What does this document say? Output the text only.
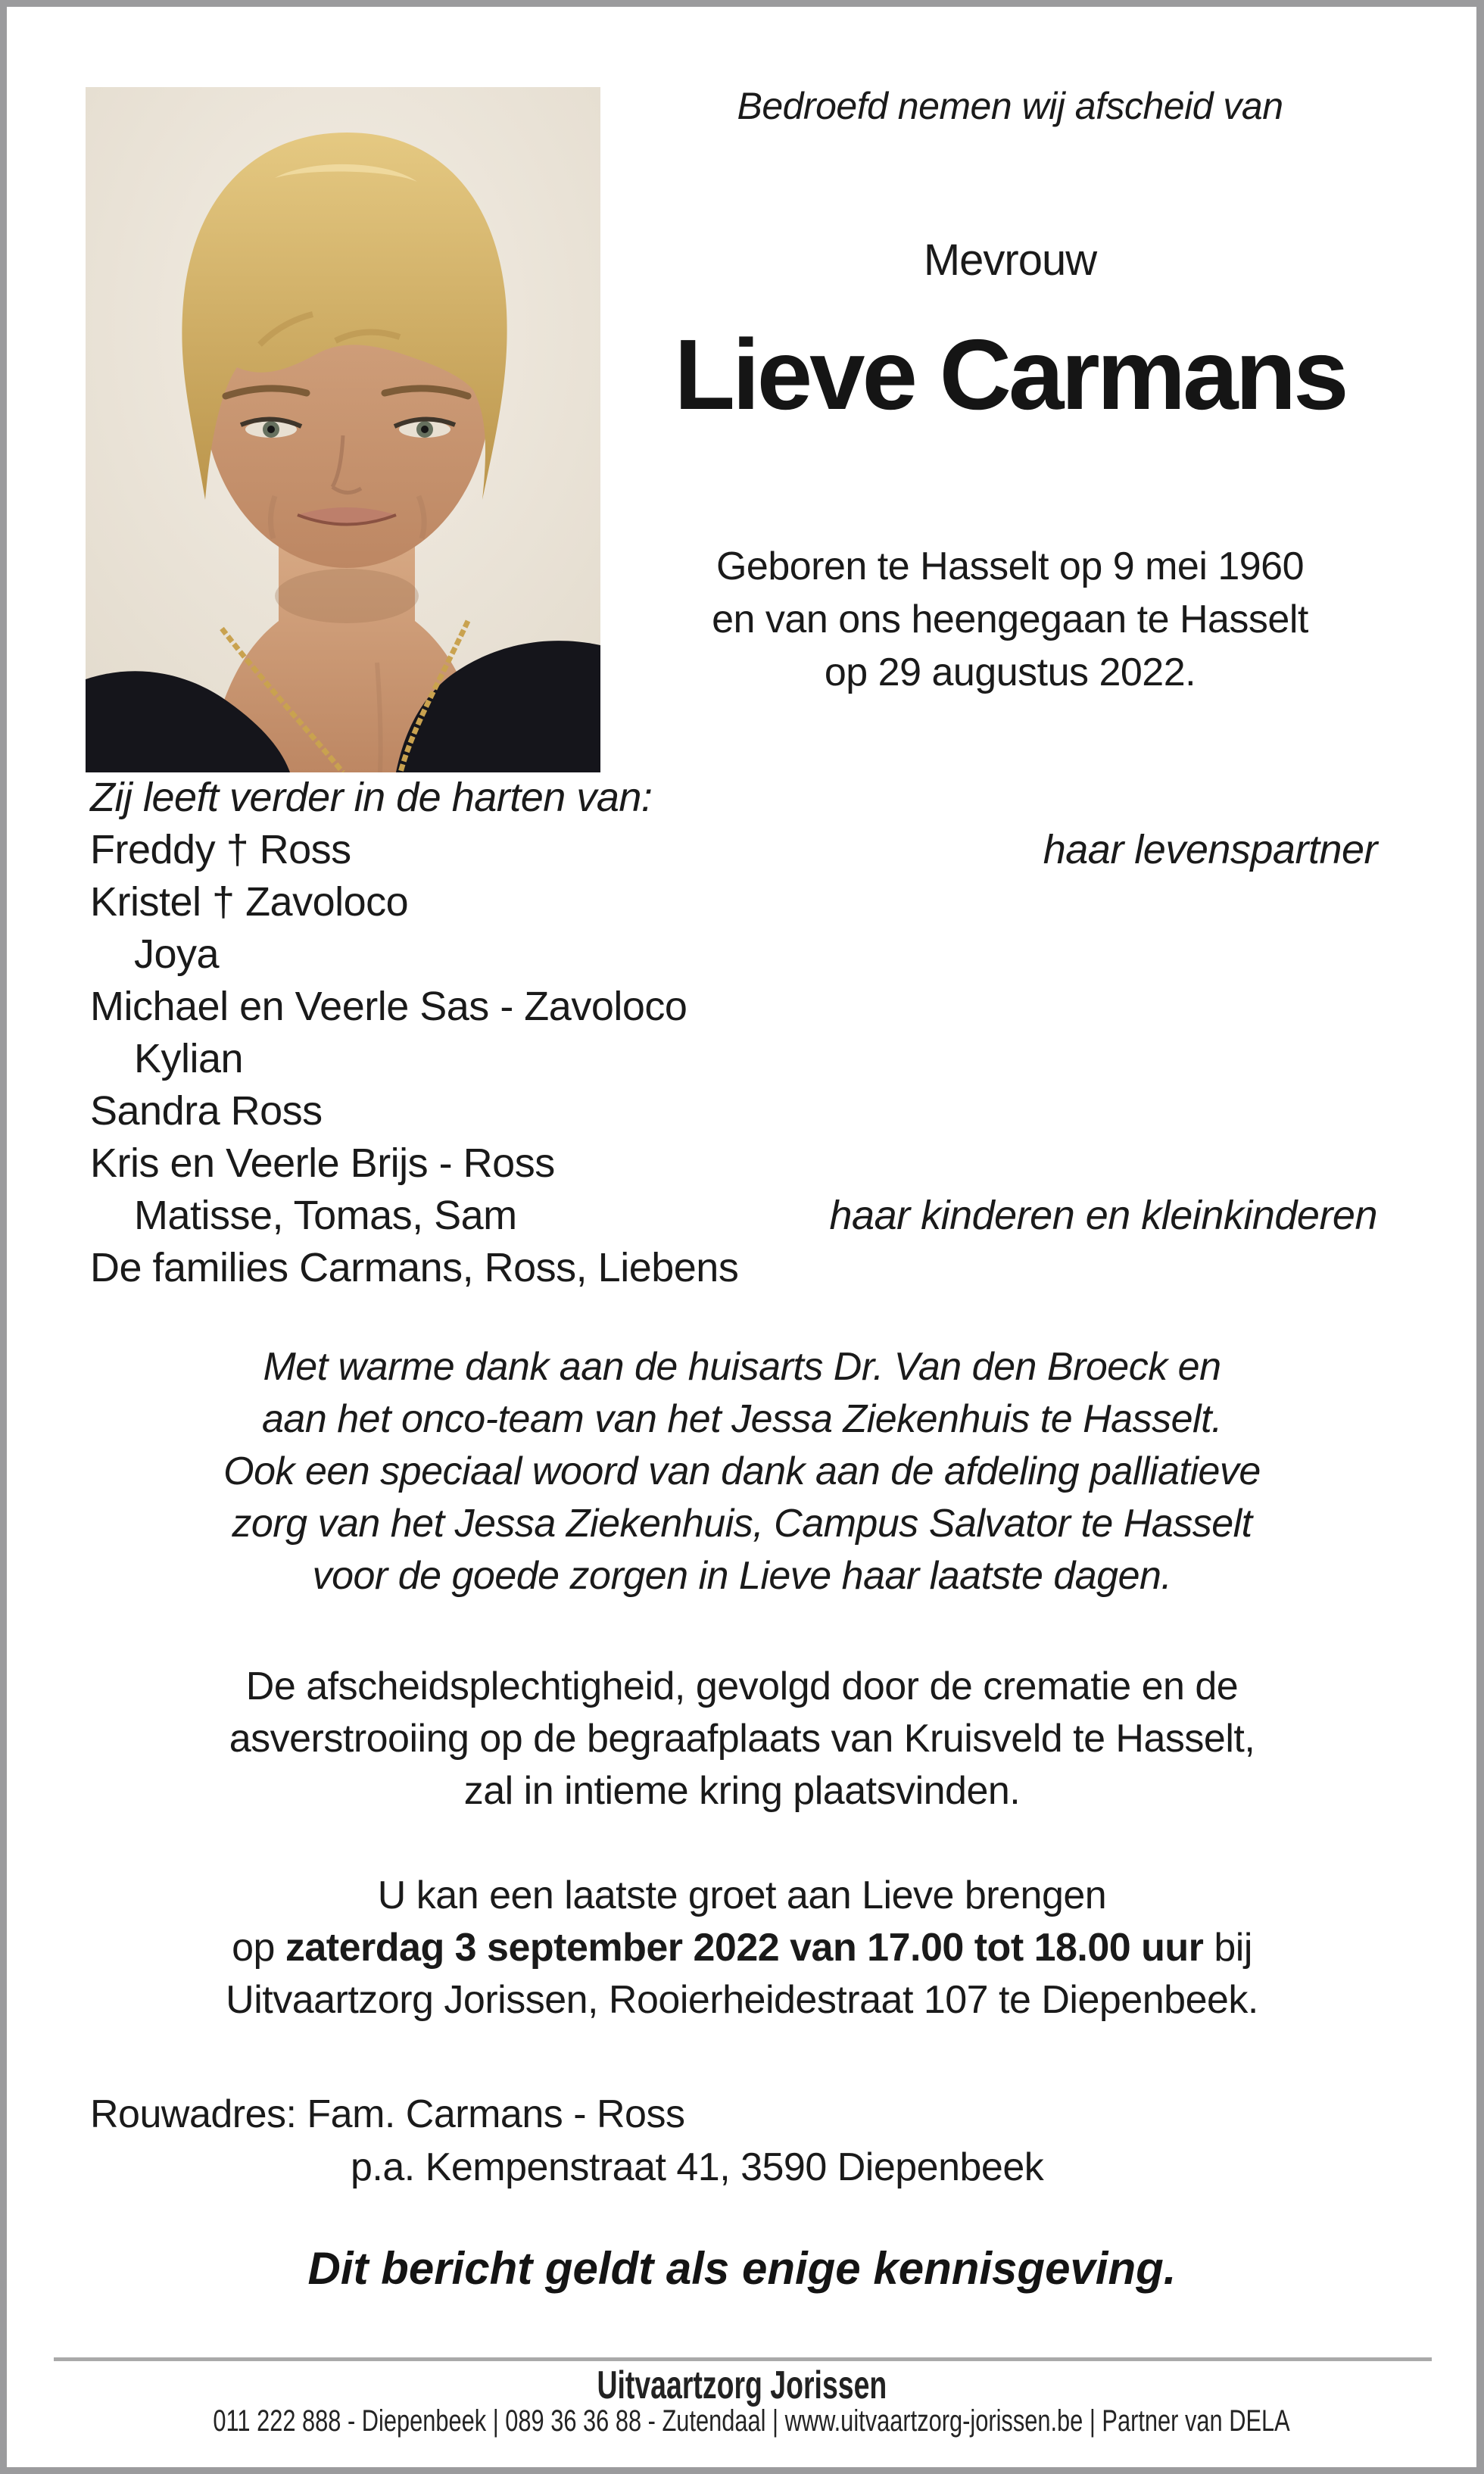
Bedroefd nemen wij afscheid van
Mevrouw
Lieve Carmans
Geboren te Hasselt op 9 mei 1960
en van ons heengegaan te Hasselt
op 29 augustus 2022.
Zij leeft verder in de harten van:
Freddy † Ross	haar levenspartner
Kristel † Zavoloco
Joya
Michael en Veerle Sas - Zavoloco
Kylian
Sandra Ross
Kris en Veerle Brijs - Ross
Matisse, Tomas, Sam	haar kinderen en kleinkinderen
De families Carmans, Ross, Liebens
Met warme dank aan de huisarts Dr. Van den Broeck en
aan het onco-team van het Jessa Ziekenhuis te Hasselt.
Ook een speciaal woord van dank aan de afdeling palliatieve
zorg van het Jessa Ziekenhuis, Campus Salvator te Hasselt
voor de goede zorgen in Lieve haar laatste dagen.
De afscheidsplechtigheid, gevolgd door de crematie en de
asverstrooiing op de begraafplaats van Kruisveld te Hasselt,
zal in intieme kring plaatsvinden.
U kan een laatste groet aan Lieve brengen
op zaterdag 3 september 2022 van 17.00 tot 18.00 uur bij
Uitvaartzorg Jorissen, Rooierheidestraat 107 te Diepenbeek.
Rouwadres: Fam. Carmans - Ross
p.a. Kempenstraat 41, 3590 Diepenbeek
Dit bericht geldt als enige kennisgeving.
Uitvaartzorg Jorissen
011 222 888 - Diepenbeek | 089 36 36 88 - Zutendaal | www.uitvaartzorg-jorissen.be | Partner van DELA
